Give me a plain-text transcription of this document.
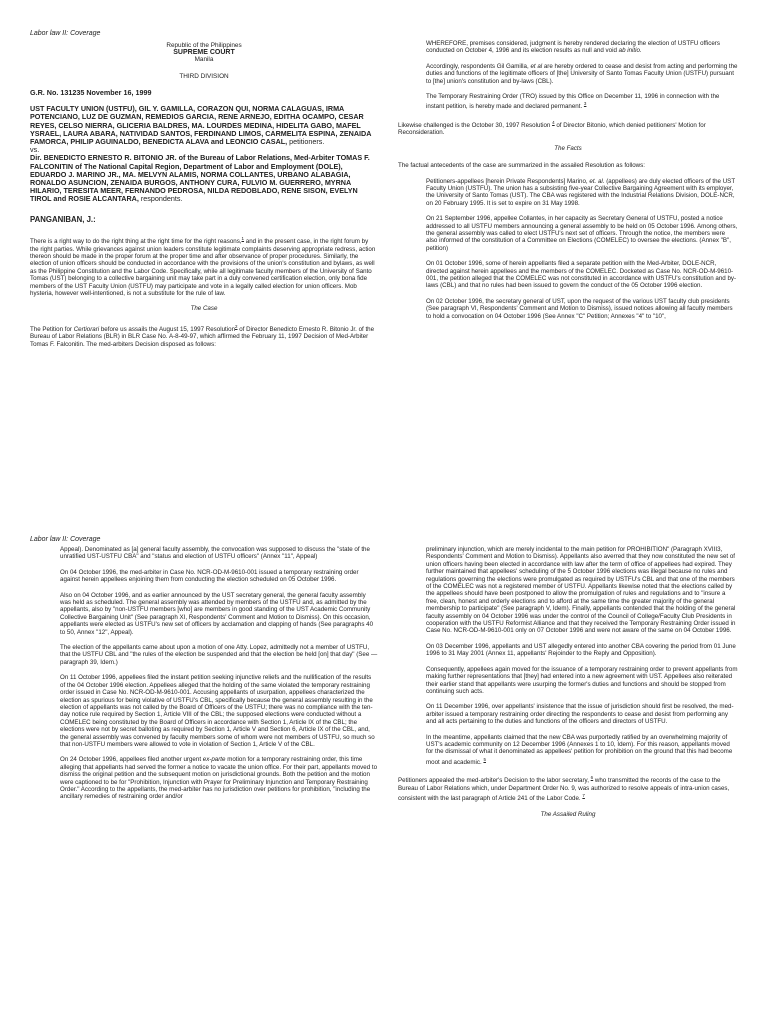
Labor law II: Coverage
Republic of the Philippines
SUPREME COURT
Manila
THIRD DIVISION
G.R. No. 131235 November 16, 1999
UST FACULTY UNION (USTFU), GIL Y. GAMILLA, CORAZON QUI, NORMA CALAGUAS, IRMA POTENCIANO, LUZ DE GUZMAN, REMEDIOS GARCIA, RENE ARNEJO, EDITHA OCAMPO, CESAR REYES, CELSO NIERRA, GLICERIA BALDRES, MA. LOURDES MEDINA, HIDELITA GABO, MAFEL YSRAEL, LAURA ABARA, NATIVIDAD SANTOS, FERDINAND LIMOS, CARMELITA ESPINA, ZENAIDA FAMORCA, PHILIP AGUINALDO, BENEDICTA ALAVA and LEONCIO CASAL, petitioners.
vs.
Dir. BENEDICTO ERNESTO R. BITONIO JR. of the Bureau of Labor Relations, Med-Arbiter TOMAS F. FALCONITIN of The National Capital Region, Department of Labor and Employment (DOLE), EDUARDO J. MARINO JR., MA. MELVYN ALAMIS, NORMA COLLANTES, URBANO ALABAGIA, RONALDO ASUNCION, ZENAIDA BURGOS, ANTHONY CURA, FULVIO M. GUERRERO, MYRNA HILARIO, TERESITA MEER, FERNANDO PEDROSA, NILDA REDOBLADO, RENE SISON, EVELYN TIROL and ROSIE ALCANTARA, respondents.
PANGANIBAN, J.:
There is a right way to do the right thing at the right time for the right reasons,$^1$ and in the present case, in the right forum by the right parties. While grievances against union leaders constitute legitimate complaints deserving appropriate redress, action thereon should be made in the proper forum at the proper time and after observance of proper procedures. Similarly, the election of union officers should be conducted in accordance with the provisions of the union's constitution and bylaws, as well as the Philippine Constitution and the Labor Code. Specifically, while all legitimate faculty members of the University of Santo Tomas (UST) belonging to a collective bargaining unit may take part in a duly convened certification election, only bona fide members of the UST Faculty Union (USTFU) may participate and vote in a legally called election for union officers. Mob hysteria, however well-intentioned, is not a substitute for the rule of law.
The Case
The Petition for Certiorari before us assails the August 15, 1997 Resolution$^2$ of Director Benedicto Ernesto R. Bitonio Jr. of the Bureau of Labor Relations (BLR) in BLR Case No. A-8-49-97, which affirmed the February 11, 1997 Decision of Med-Arbiter Tomas F. Falconitin. The med-arbiters Decision disposed as follows:
WHEREFORE, premises considered, judgment is hereby rendered declaring the election of USTFU officers conducted on October 4, 1996 and its election results as null and void ab initio.
Accordingly, respondents Gil Gamilla, et al are hereby ordered to cease and desist from acting and performing the duties and functions of the legitimate officers of [the] University of Santo Tomas Faculty Union (USTFU) pursuant to [the] union's constitution and by-laws (CBL).
The Temporary Restraining Order (TRO) issued by this Office on December 11, 1996 in connection with the instant petition, is hereby made and declared permanent. $^3$
Likewise challenged is the October 30, 1997 Resolution $^4$ of Director Bitonio, which denied petitioners' Motion for Reconsideration.
The Facts
The factual antecedents of the case are summarized in the assailed Resolution as follows:
Petitioners-appellees [herein Private Respondents] Marino, et. al. (appellees) are duly elected officers of the UST Faculty Union (USTFU). The union has a subsisting five-year Collective Bargaining Agreement with its employer, the University of Santo Tomas (UST). The CBA was registered with the Industrial Relations Division, DOLE-NCR, on 20 February 1995. It is set to expire on 31 May 1998.
On 21 September 1996, appellee Collantes, in her capacity as Secretary General of USTFU, posted a notice addressed to all USTFU members announcing a general assembly to be held on 05 October 1996. Among others, the general assembly was called to elect USTFU's next set of officers. Through the notice, the members were also informed of the constitution of a Committee on Elections (COMELEC) to oversee the elections. (Annex "B", petition)
On 01 October 1996, some of herein appellants filed a separate petition with the Med-Arbiter, DOLE-NCR, directed against herein appellees and the members of the COMELEC. Docketed as Case No. NCR-OD-M-9610-001, the petition alleged that the COMELEC was not constituted in accordance with USTFU's constitution and by-laws (CBL) and that no rules had been issued to govern the conduct of the 05 October 1996 election.
On 02 October 1996, the secretary general of UST, upon the request of the various UST faculty club presidents (See paragraph VI, Respondents' Comment and Motion to Dismiss), issued notices allowing all faculty members to hold a convocation on 04 October 1996 (See Annex "C" Petition; Annexes "4" to "10",
Labor law II: Coverage
Appeal). Denominated as [a] general faculty assembly, the convocation was supposed to discuss the "state of the unratified UST-USTFU CBA" and "status and election of USTFU officers" (Annex "11", Appeal)
On 04 October 1996, the med-arbiter in Case No. NCR-OD-M-9610-001 issued a temporary restraining order against herein appellees enjoining them from conducting the election scheduled on 05 October 1996.
Also on 04 October 1996, and as earlier announced by the UST secretary general, the general faculty assembly was held as scheduled. The general assembly was attended by members of the USTFU and, as admitted by the appellants, also by "non-USTFU members [who] are members in good standing of the UST Academic Community Collective Bargaining Unit" (See paragraph XI, Respondents' Comment and Motion to Dismiss). On this occasion, appellants were elected as USTFU's new set of officers by acclamation and clapping of hands (See paragraphs 40 to 50, Annex "12", Appeal).
The election of the appellants came about upon a motion of one Atty. Lopez, admittedly not a member of USTFU, that the USTFU CBL and "the rules of the election be suspended and that the election be held [on] that day" (See — paragraph 39, Idem.)
On 11 October 1996, appellees filed the instant petition seeking injunctive reliefs and the nullification of the results of the 04 October 1996 election. Appellees alleged that the holding of the same violated the temporary restraining order issued in Case No. NCR-OD-M-9610-001. Accusing appellants of usurpation, appellees characterized the election as spurious for being violative of USTFU's CBL, specifically because the general assembly resulting in the election of appellants was not called by the Board of Officers of the USTFU; there was no compliance with the ten-day notice rule required by Section 1, Article VIII of the CBL; the supposed elections were conducted without a COMELEC being constituted by the Board of Officers in accordance with Section 1, Article IX of the CBL; the elections were not by secret balloting as required by Section 1, Article V and Section 6, Article IX of the CBL, and, the general assembly was convened by faculty members some of whom were not members of USTFU, so much so that non-USTFU members were allowed to vote in violation of Section 1, Article V of the CBL.
On 24 October 1996, appellees filed another urgent ex-parte motion for a temporary restraining order, this time alleging that appellants had served the former a notice to vacate the union office. For their part, appellants moved to dismiss the original petition and the subsequent motion on jurisdictional grounds. Both the petition and the motion were captioned to be for "Prohibition, Injunction with Prayer for Preliminary Injunction and Temporary Restraining Order." According to the appellants, the med-arbiter has no jurisdiction over petitions for prohibition, "including the ancillary remedies of restraining order and/or
preliminary injunction, which are merely incidental to the main petition for PROHIBITION" (Paragraph XVIII3, Respondents' Comment and Motion to Dismiss). Appellants also averred that they now constituted the new set of union officers having been elected in accordance with law after the term of office of appellees had expired. They further maintained that appellees' scheduling of the 5 October 1996 elections was illegal because no rules and regulations governing the elections were promulgated as required by USTFU's CBL and that one of the members of the COMELEC was not a registered member of USTFU. Appellants likewise noted that the elections called by the appellees should have been postponed to allow the promulgation of rules and regulations and to "insure a free, clean, honest and orderly elections and to afford at the same time the greater majority of the general membership to participate" (See paragraph V, Idem). Finally, appellants contended that the holding of the general faculty assembly on 04 October 1996 was under the control of the Council of College/Faculty Club Presidents in cooperation with the USTFU Reformist Alliance and that they received the Temporary Restraining Order issued in Case No. NCR-OD-M-9610-001 only on 07 October 1996 and were not aware of the same on 04 October 1996.
On 03 December 1996, appellants and UST allegedly entered into another CBA covering the period from 01 June 1996 to 31 May 2001 (Annex 11, appellants' Rejoinder to the Reply and Opposition).
Consequently, appellees again moved for the issuance of a temporary restraining order to prevent appellants from making further representations that [they] had entered into a new agreement with UST. Appellees also reiterated their earlier stand that appellants were usurping the former's duties and functions and should be stopped from continuing such acts.
On 11 December 1996, over appellants' insistence that the issue of jurisdiction should first be resolved, the med-arbiter issued a temporary restraining order directing the respondents to cease and desist from performing any and all acts pertaining to the duties and functions of the officers and directors of USTFU.
In the meantime, appellants claimed that the new CBA was purportedly ratified by an overwhelming majority of UST's academic community on 12 December 1996 (Annexes 1 to 10, Idem). For this reason, appellants moved for the dismissal of what it denominated as appellees' petition for prohibition on the ground that this had become moot and academic. $^5$
Petitioners appealed the med-arbiter's Decision to the labor secretary, $^6$ who transmitted the records of the case to the Bureau of Labor Relations which, under Department Order No. 9, was authorized to resolve appeals of intra-union cases, consistent with the last paragraph of Article 241 of the Labor Code. $^7$
The Assailed Ruling
